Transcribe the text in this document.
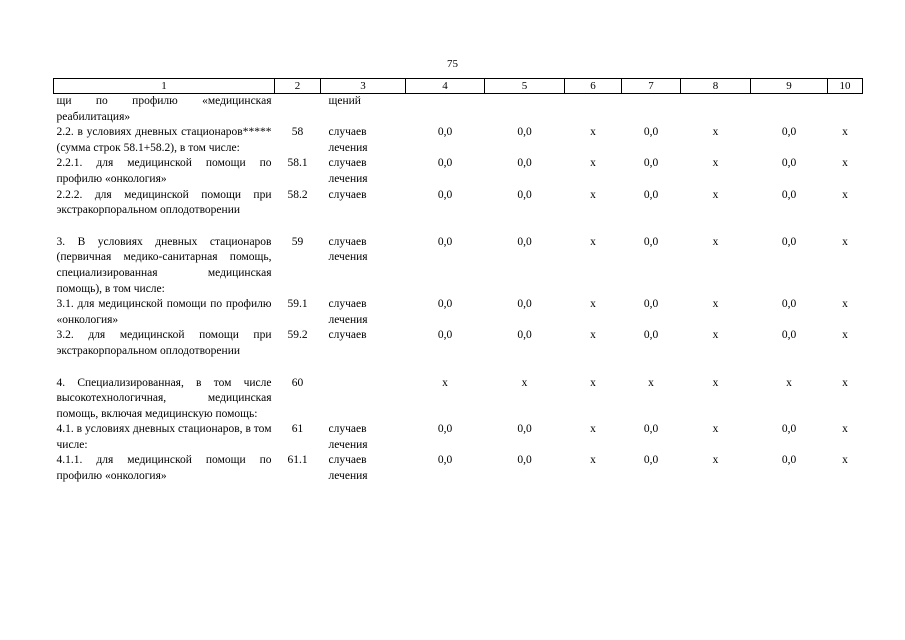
75
1	2	3	4	5	6	7	8	9	10
щи по профилю «медицинская реабилитация»		щений							
2.2. в условиях дневных стационаров***** (сумма строк 58.1+58.2), в том числе:	58	случаев лечения	0,0	0,0	x	0,0	x	0,0	x
2.2.1. для медицинской помощи по профилю «онкология»	58.1	случаев лечения	0,0	0,0	x	0,0	x	0,0	x
2.2.2. для медицинской помощи при экстракорпоральном оплодотворении	58.2	случаев	0,0	0,0	x	0,0	x	0,0	x

3. В условиях дневных стационаров (первичная медико-санитарная помощь, специализированная медицинская помощь), в том числе:	59	случаев лечения	0,0	0,0	x	0,0	x	0,0	x
3.1. для медицинской помощи по профилю «онкология»	59.1	случаев лечения	0,0	0,0	x	0,0	x	0,0	x
3.2. для медицинской помощи при экстракорпоральном оплодотворении	59.2	случаев	0,0	0,0	x	0,0	x	0,0	x

4. Специализированная, в том числе высокотехнологичная, медицинская помощь, включая медицинскую помощь:	60		x	x	x	x	x	x	x
4.1. в условиях дневных стационаров, в том числе:	61	случаев лечения	0,0	0,0	x	0,0	x	0,0	x
4.1.1. для медицинской помощи по профилю «онкология»	61.1	случаев лечения	0,0	0,0	x	0,0	x	0,0	x
